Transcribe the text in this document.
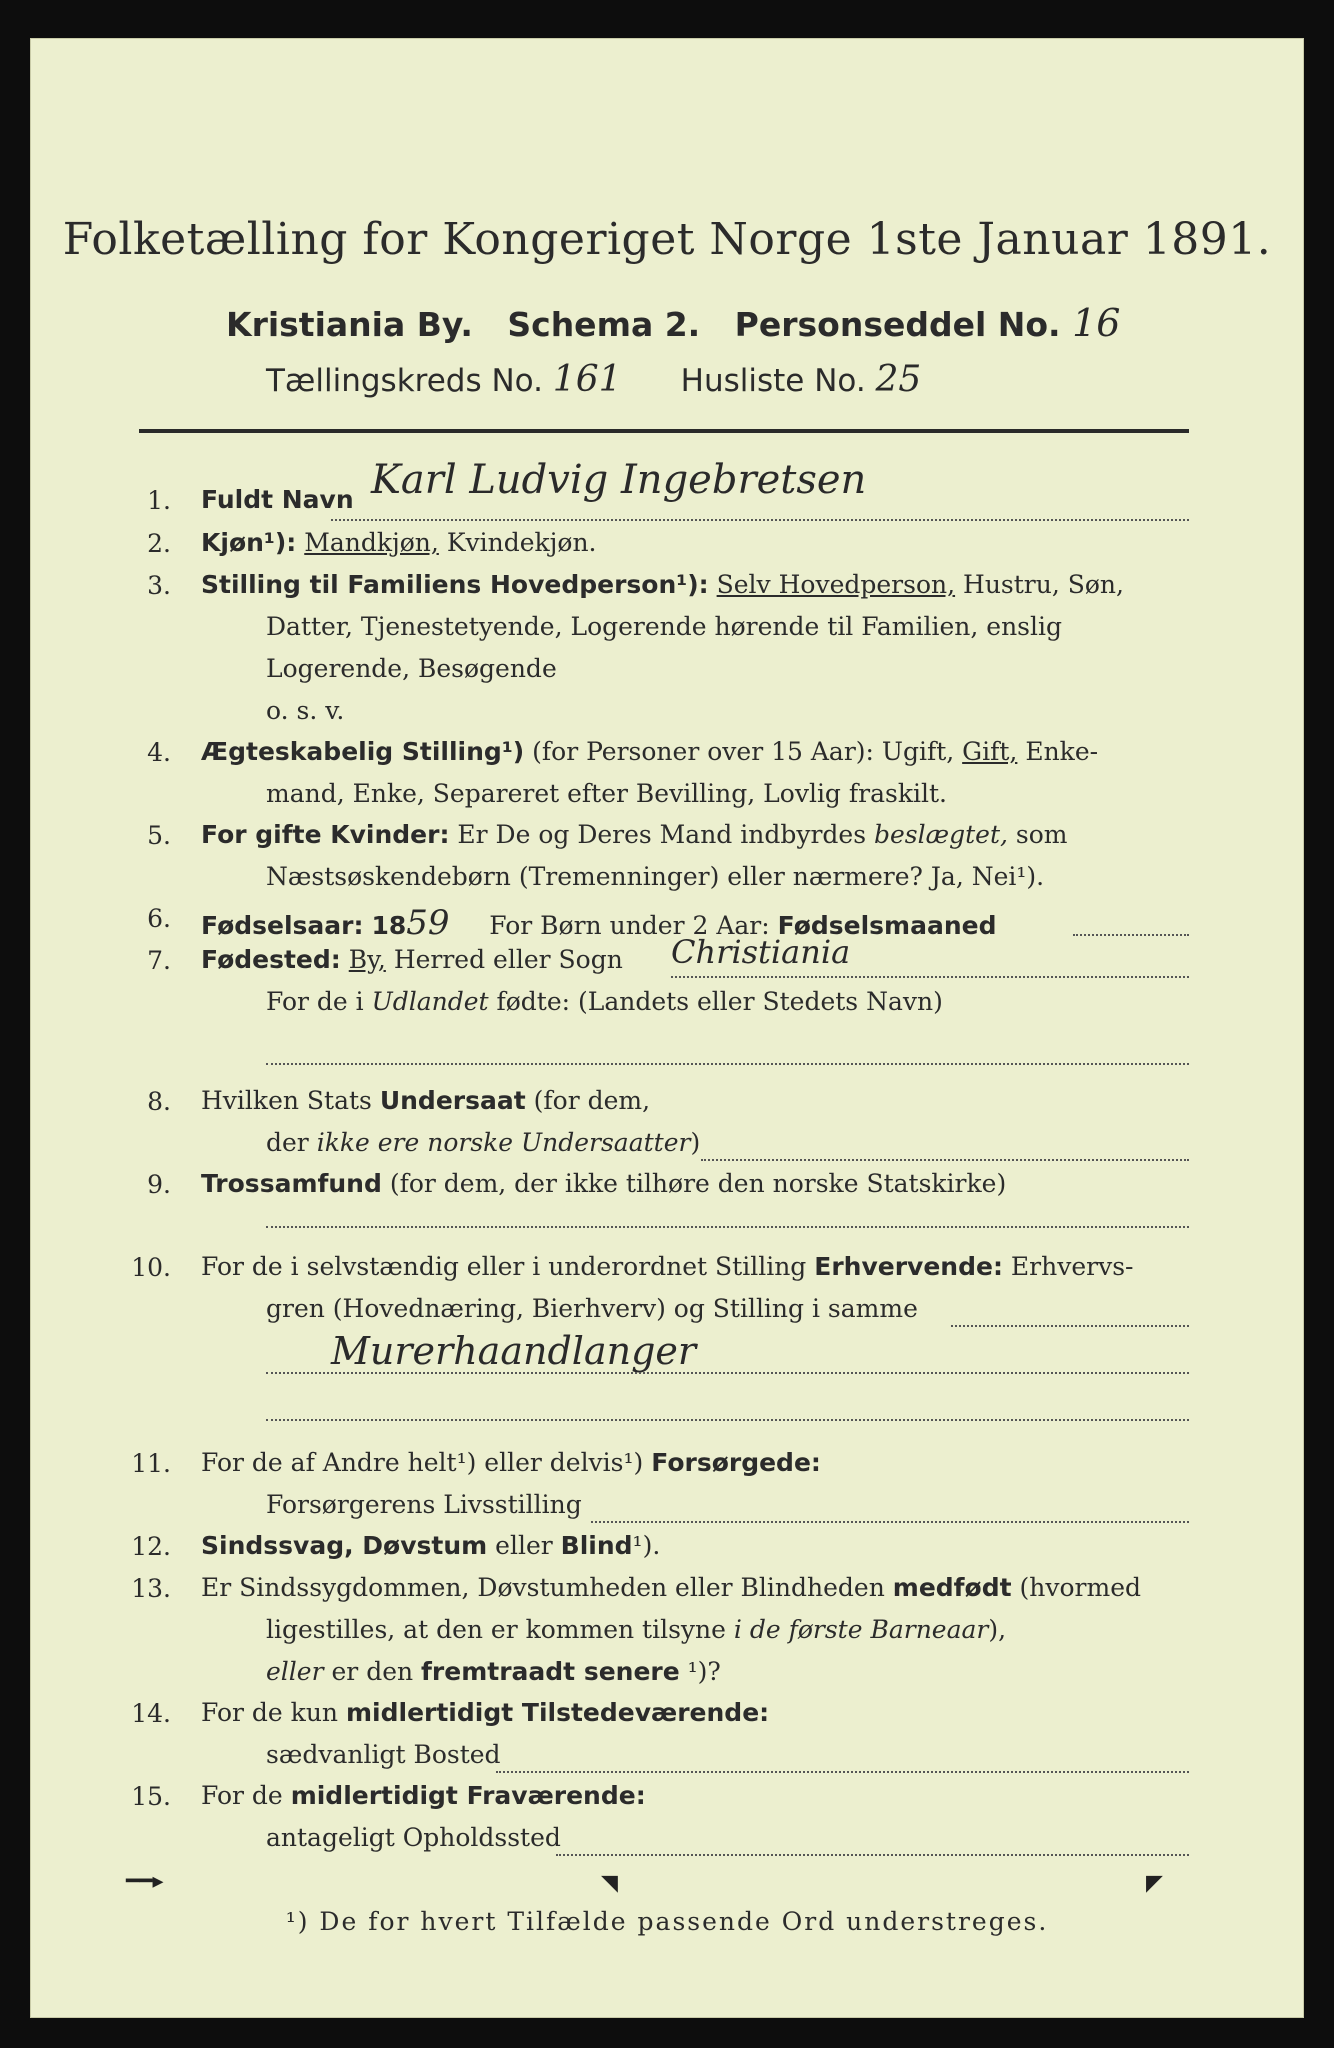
Folketælling for Kongeriget Norge 1ste Januar 1891.
Kristiania By. Schema 2. Personseddel No. 16
Tællingskreds No. 161 Husliste No. 25
1. Fuldt Navn Karl Ludvig Ingebretsen
2. Kjøn¹): Mandkjøn, Kvindekjøn.
3. Stilling til Familiens Hovedperson¹): Selv Hovedperson, Hustru, Søn,
Datter, Tjenestetyende, Logerende hørende til Familien, enslig
Logerende, Besøgende
o. s. v.
4. Ægteskabelig Stilling¹) (for Personer over 15 Aar): Ugift, Gift, Enke-
mand, Enke, Separeret efter Bevilling, Lovlig fraskilt.
5. For gifte Kvinder: Er De og Deres Mand indbyrdes beslægtet, som
Næstsøskendebørn (Tremenninger) eller nærmere? Ja, Nei¹).
6. Fødselsaar: 1859 For Børn under 2 Aar: Fødselsmaaned
7. Fødested: By, Herred eller Sogn Christiania
For de i Udlandet fødte: (Landets eller Stedets Navn)
8. Hvilken Stats Undersaat (for dem,
der ikke ere norske Undersaatter)
9. Trossamfund (for dem, der ikke tilhøre den norske Statskirke)
10. For de i selvstændig eller i underordnet Stilling Erhvervende: Erhvervs-
gren (Hovednæring, Bierhverv) og Stilling i samme
Murerhaandlanger
11. For de af Andre helt¹) eller delvis¹) Forsørgede:
Forsørgerens Livsstilling
12. Sindssvag, Døvstum eller Blind¹).
13. Er Sindssygdommen, Døvstumheden eller Blindheden medfødt (hvormed
ligestilles, at den er kommen tilsyne i de første Barneaar),
eller er den fremtraadt senere ¹)?
14. For de kun midlertidigt Tilstedeværende:
sædvanligt Bosted
15. For de midlertidigt Fraværende:
antageligt Opholdssted
━━▸	◥	◤
¹) De for hvert Tilfælde passende Ord understreges.
